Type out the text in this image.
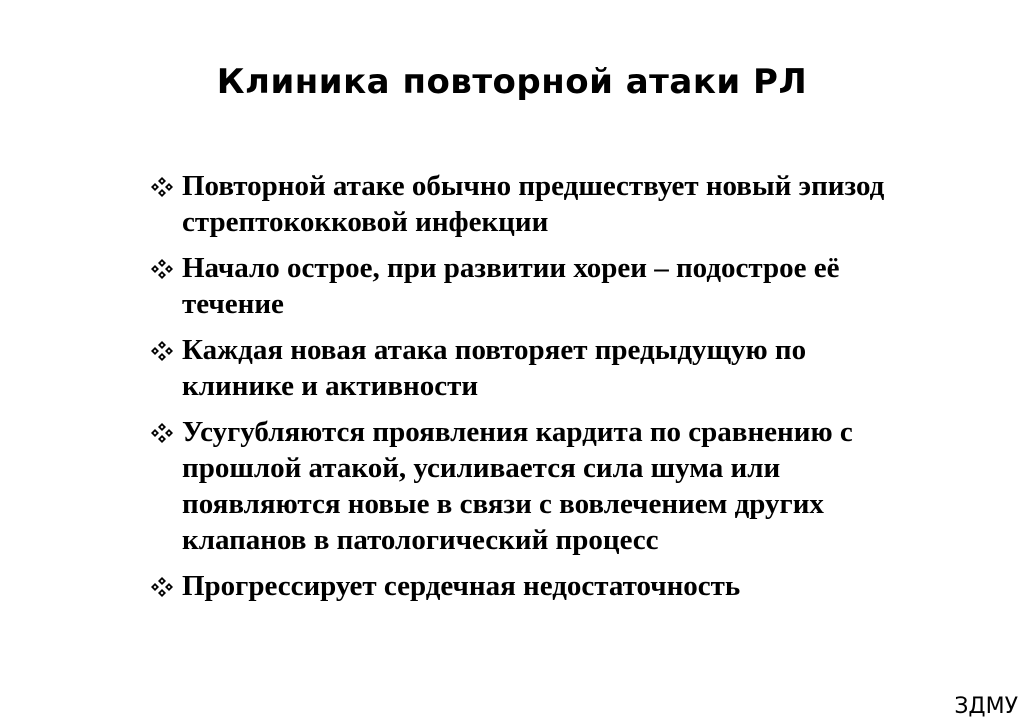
Клиника повторной атаки РЛ
Повторной атаке обычно предшествует новый эпизод стрептококковой инфекции
Начало острое, при развитии хореи – подострое её течение
Каждая новая атака повторяет предыдущую по клинике и активности
Усугубляются проявления кардита по сравнению с прошлой атакой, усиливается сила шума или появляются новые в связи с вовлечением других клапанов в патологический процесс
Прогрессирует сердечная недостаточность
ЗДМУ
